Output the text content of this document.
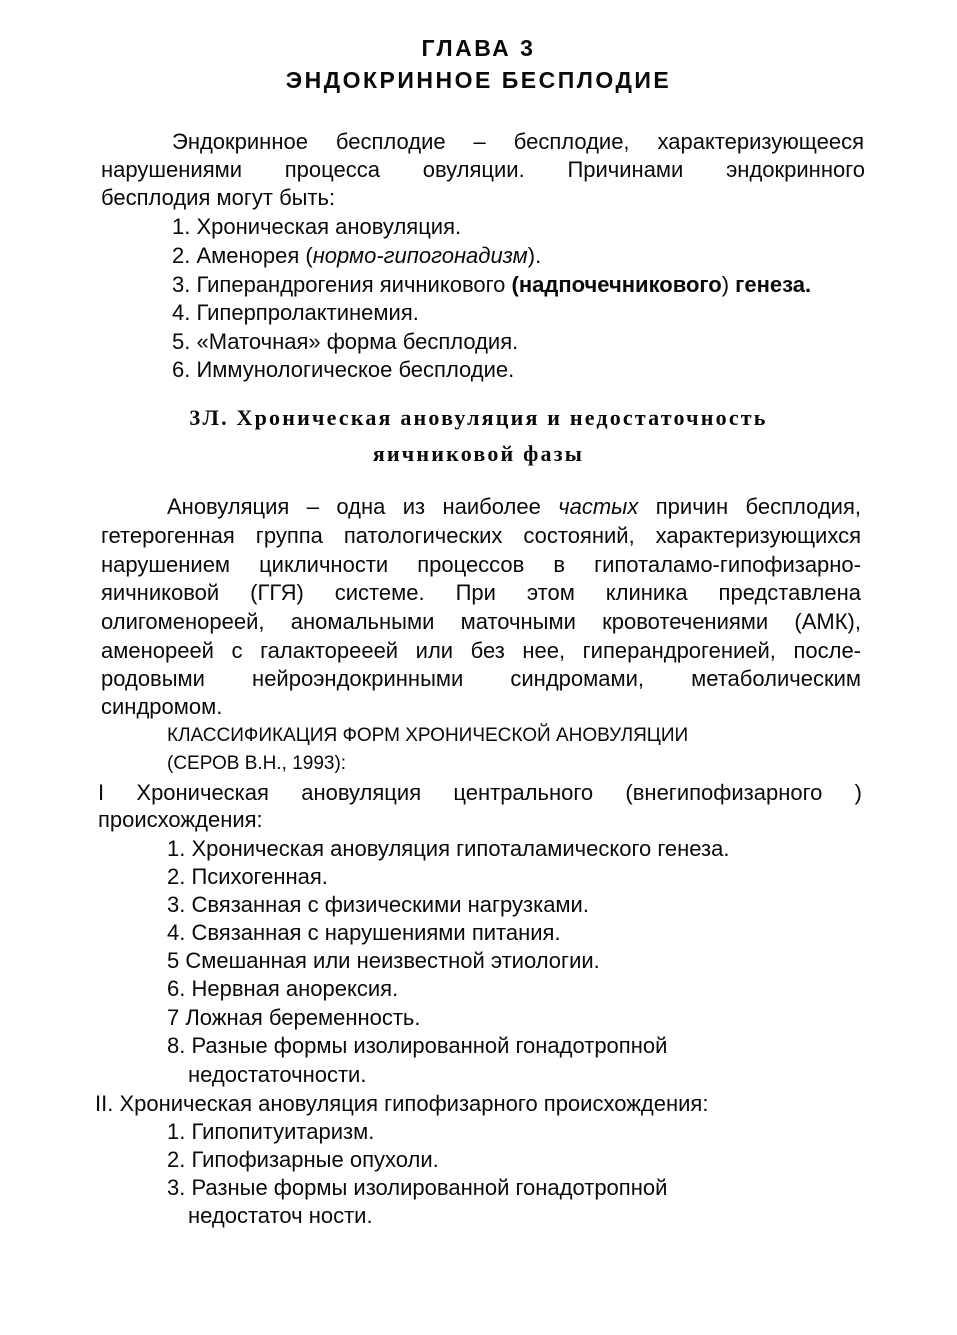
ГЛАВА 3
ЭНДОКРИННОЕ БЕСПЛОДИЕ
Эндокринное бесплодие – бесплодие, характеризующееся
нарушениями процесса овуляции. Причинами эндокринного
бесплодия могут быть:
1. Хроническая ановуляция.
2. Аменорея (нормо-гипогонадизм).
3. Гиперандрогения яичникового (надпочечникового) генеза.
4. Гиперпролактинемия.
5. «Маточная» форма бесплодия.
6. Иммунологическое бесплодие.
3Л. Хроническая ановуляция и недостаточность
яичниковой фазы
Ановуляция – одна из наиболее частых причин бесплодия,
гетерогенная группа патологических состояний, характеризующихся
нарушением цикличности процессов в гипоталамо-гипофизарно-
яичниковой (ГГЯ) системе. При этом клиника представлена
олигоменореей, аномальными маточными кровотечениями (АМК),
аменореей с галакторееей или без нее, гиперандрогенией, после-
родовыми нейроэндокринными синдромами, метаболическим
синдромом.
КЛАССИФИКАЦИЯ ФОРМ ХРОНИЧЕСКОЙ АНОВУЛЯЦИИ
(СЕРОВ В.Н., 1993):
I Хроническая ановуляция центрального (внегипофизарного )
происхождения:
1. Хроническая ановуляция гипоталамического генеза.
2. Психогенная.
3. Связанная с физическими нагрузками.
4. Связанная с нарушениями питания.
5 Смешанная или неизвестной этиологии.
6. Нервная анорексия.
7 Ложная беременность.
8. Разные формы изолированной гонадотропной
недостаточности.
II. Хроническая ановуляция гипофизарного происхождения:
1. Гипопитуитаризм.
2. Гипофизарные опухоли.
3. Разные формы изолированной гонадотропной
недостаточ ности.
